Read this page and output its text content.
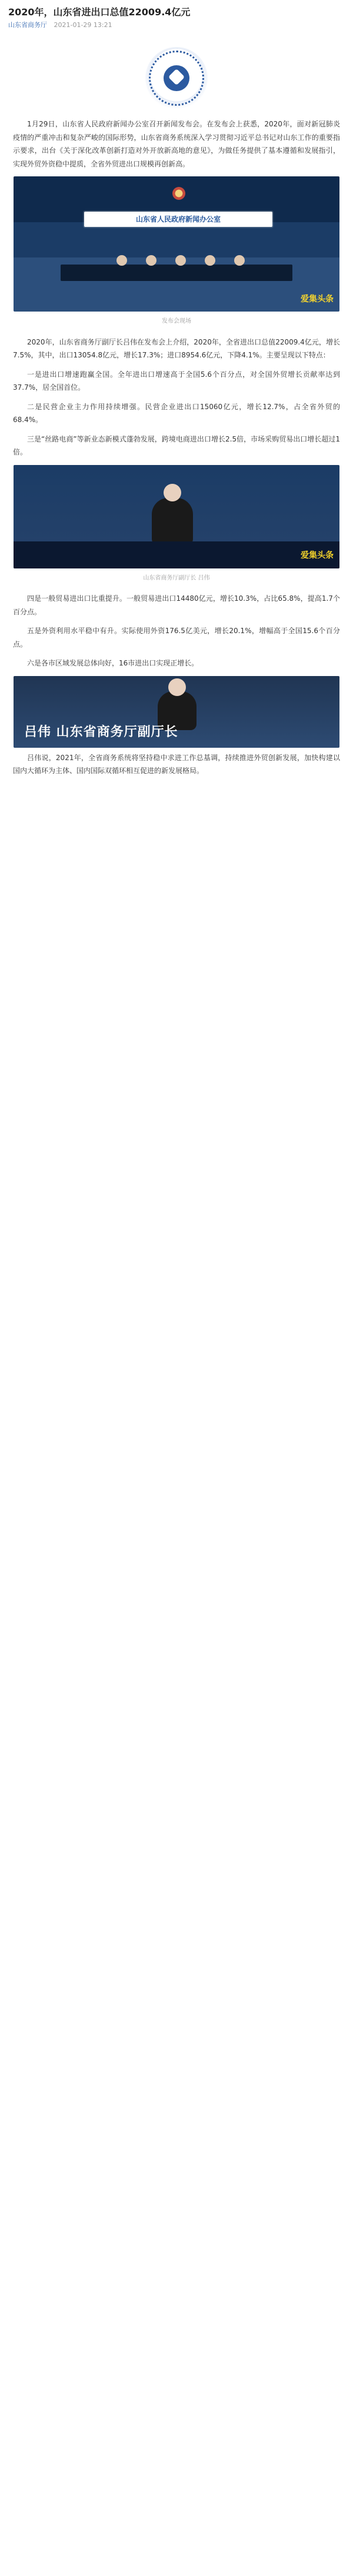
2020年，山东省进出口总值22009.4亿元
山东省商务厅 2021-01-29 13:21

1月29日，山东省人民政府新闻办公室召开新闻发布会。在发布会上获悉，2020年，面对新冠肺炎疫情的严重冲击和复杂严峻的国际形势，山东省商务系统深入学习贯彻习近平总书记对山东工作的重要指示要求，出台《关于深化改革创新打造对外开放新高地的意见》，为做任务提供了基本遵循和发展指引，实现外贸外资稳中提质，全省外贸进出口规模再创新高。

山东省人民政府新闻办公室
爱集头条
发布会现场

2020年，山东省商务厅副厅长吕伟在发布会上介绍，2020年，全省进出口总值22009.4亿元，增长7.5%，其中，出口13054.8亿元，增长17.3%；进口8954.6亿元，下降4.1%。主要呈现以下特点：

一是进出口增速跑赢全国。全年进出口增速高于全国5.6个百分点，对全国外贸增长贡献率达到37.7%，居全国首位。

二是民营企业主力作用持续增强。民营企业进出口15060亿元，增长12.7%，占全省外贸的68.4%。

三是“丝路电商”等新业态新模式蓬勃发展，跨境电商进出口增长2.5倍，市场采购贸易出口增长超过1倍。

爱集头条
山东省商务厅副厅长 吕伟

四是一般贸易进出口比重提升。一般贸易进出口14480亿元，增长10.3%，占比65.8%，提高1.7个百分点。

五是外资利用水平稳中有升。实际使用外资176.5亿美元，增长20.1%，增幅高于全国15.6个百分点。

六是各市区域发展总体向好，16市进出口实现正增长。

吕伟 山东省商务厅副厅长

吕伟说，2021年，全省商务系统将坚持稳中求进工作总基调，持续推进外贸创新发展，加快构建以国内大循环为主体、国内国际双循环相互促进的新发展格局。
